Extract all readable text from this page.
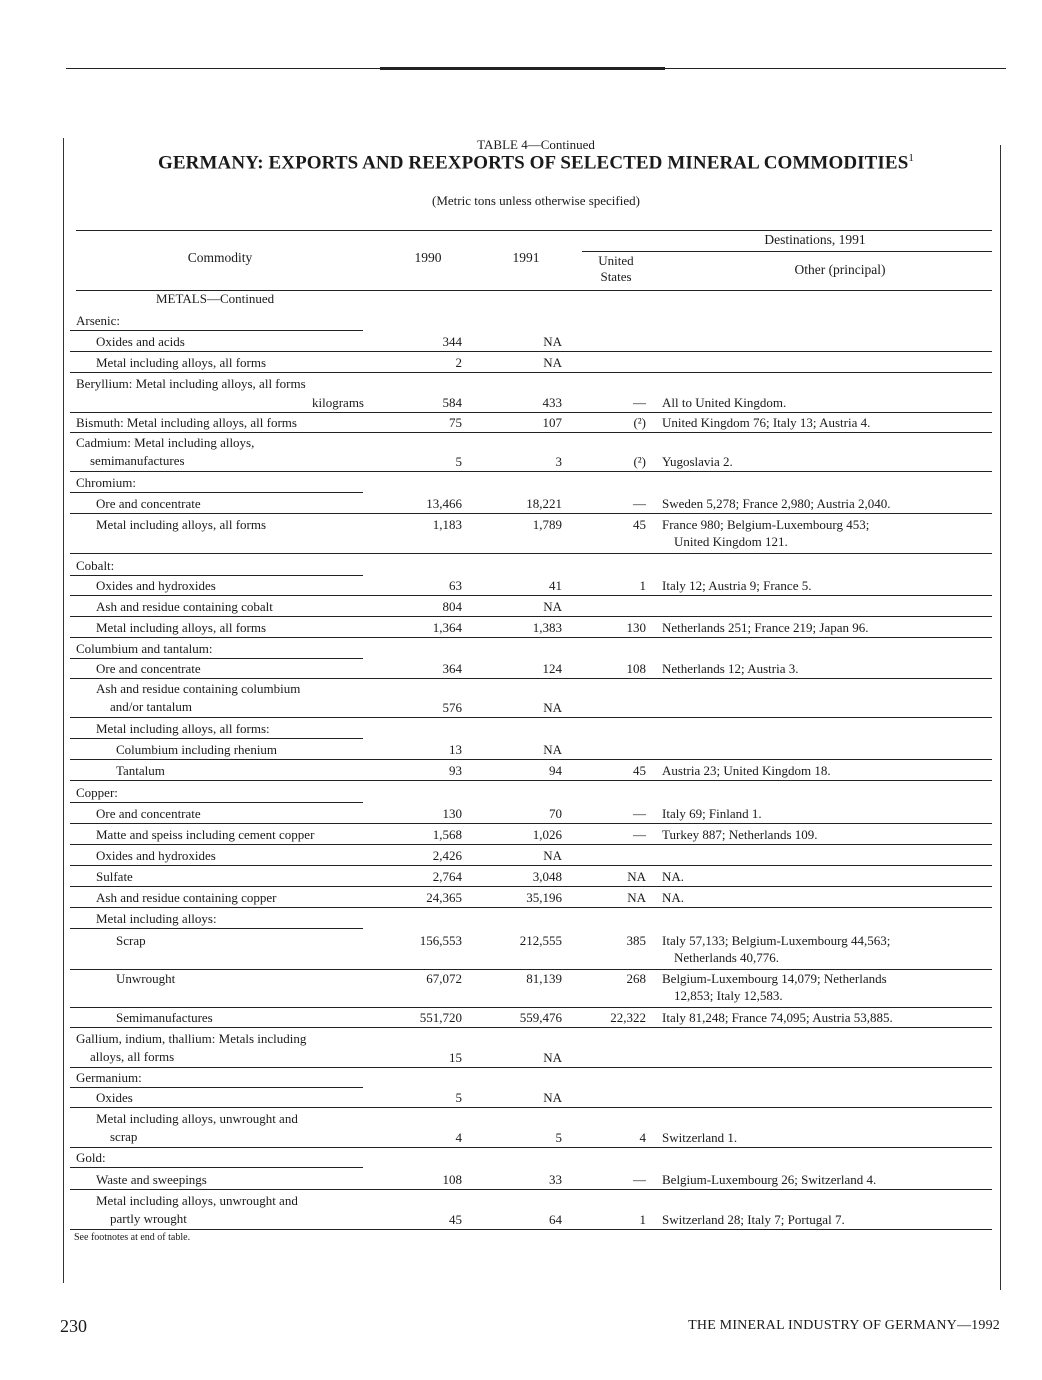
TABLE 4—Continued
GERMANY: EXPORTS AND REEXPORTS OF SELECTED MINERAL COMMODITIES$^1$
(Metric tons unless otherwise specified)
Destinations, 1991
Commodity	1990	1991	United
States	Other (principal)
METALS—Continued
Arsenic:
Oxides and acids	344	NA
Metal including alloys, all forms	2	NA
Beryllium: Metal including alloys, all forms
kilograms	584	433	— All to United Kingdom.
Bismuth: Metal including alloys, all forms	75	107	(²) United Kingdom 76; Italy 13; Austria 4.
Cadmium: Metal including alloys,
semimanufactures	5	3	(²) Yugoslavia 2.
Chromium:
Ore and concentrate	13,466	18,221	— Sweden 5,278; France 2,980; Austria 2,040.
Metal including alloys, all forms	1,183	1,789	45 France 980; Belgium-Luxembourg 453;
United Kingdom 121.
Cobalt:
Oxides and hydroxides	63	41	1 Italy 12; Austria 9; France 5.
Ash and residue containing cobalt	804	NA
Metal including alloys, all forms	1,364	1,383	130 Netherlands 251; France 219; Japan 96.
Columbium and tantalum:
Ore and concentrate	364	124	108 Netherlands 12; Austria 3.
Ash and residue containing columbium
and/or tantalum	576	NA
Metal including alloys, all forms:
Columbium including rhenium	13	NA
Tantalum	93	94	45 Austria 23; United Kingdom 18.
Copper:
Ore and concentrate	130	70	— Italy 69; Finland 1.
Matte and speiss including cement copper	1,568	1,026	— Turkey 887; Netherlands 109.
Oxides and hydroxides	2,426	NA
Sulfate	2,764	3,048	NA NA.
Ash and residue containing copper	24,365	35,196	NA NA.
Metal including alloys:
Scrap	156,553	212,555	385 Italy 57,133; Belgium-Luxembourg 44,563;
Netherlands 40,776.
Unwrought	67,072	81,139	268 Belgium-Luxembourg 14,079; Netherlands
12,853; Italy 12,583.
Semimanufactures	551,720	559,476	22,322 Italy 81,248; France 74,095; Austria 53,885.
Gallium, indium, thallium: Metals including
alloys, all forms	15	NA
Germanium:
Oxides	5	NA
Metal including alloys, unwrought and
scrap	4	5	4 Switzerland 1.
Gold:
Waste and sweepings	108	33	— Belgium-Luxembourg 26; Switzerland 4.
Metal including alloys, unwrought and
partly wrought	45	64	1 Switzerland 28; Italy 7; Portugal 7.
See footnotes at end of table.
230	THE MINERAL INDUSTRY OF GERMANY—1992
